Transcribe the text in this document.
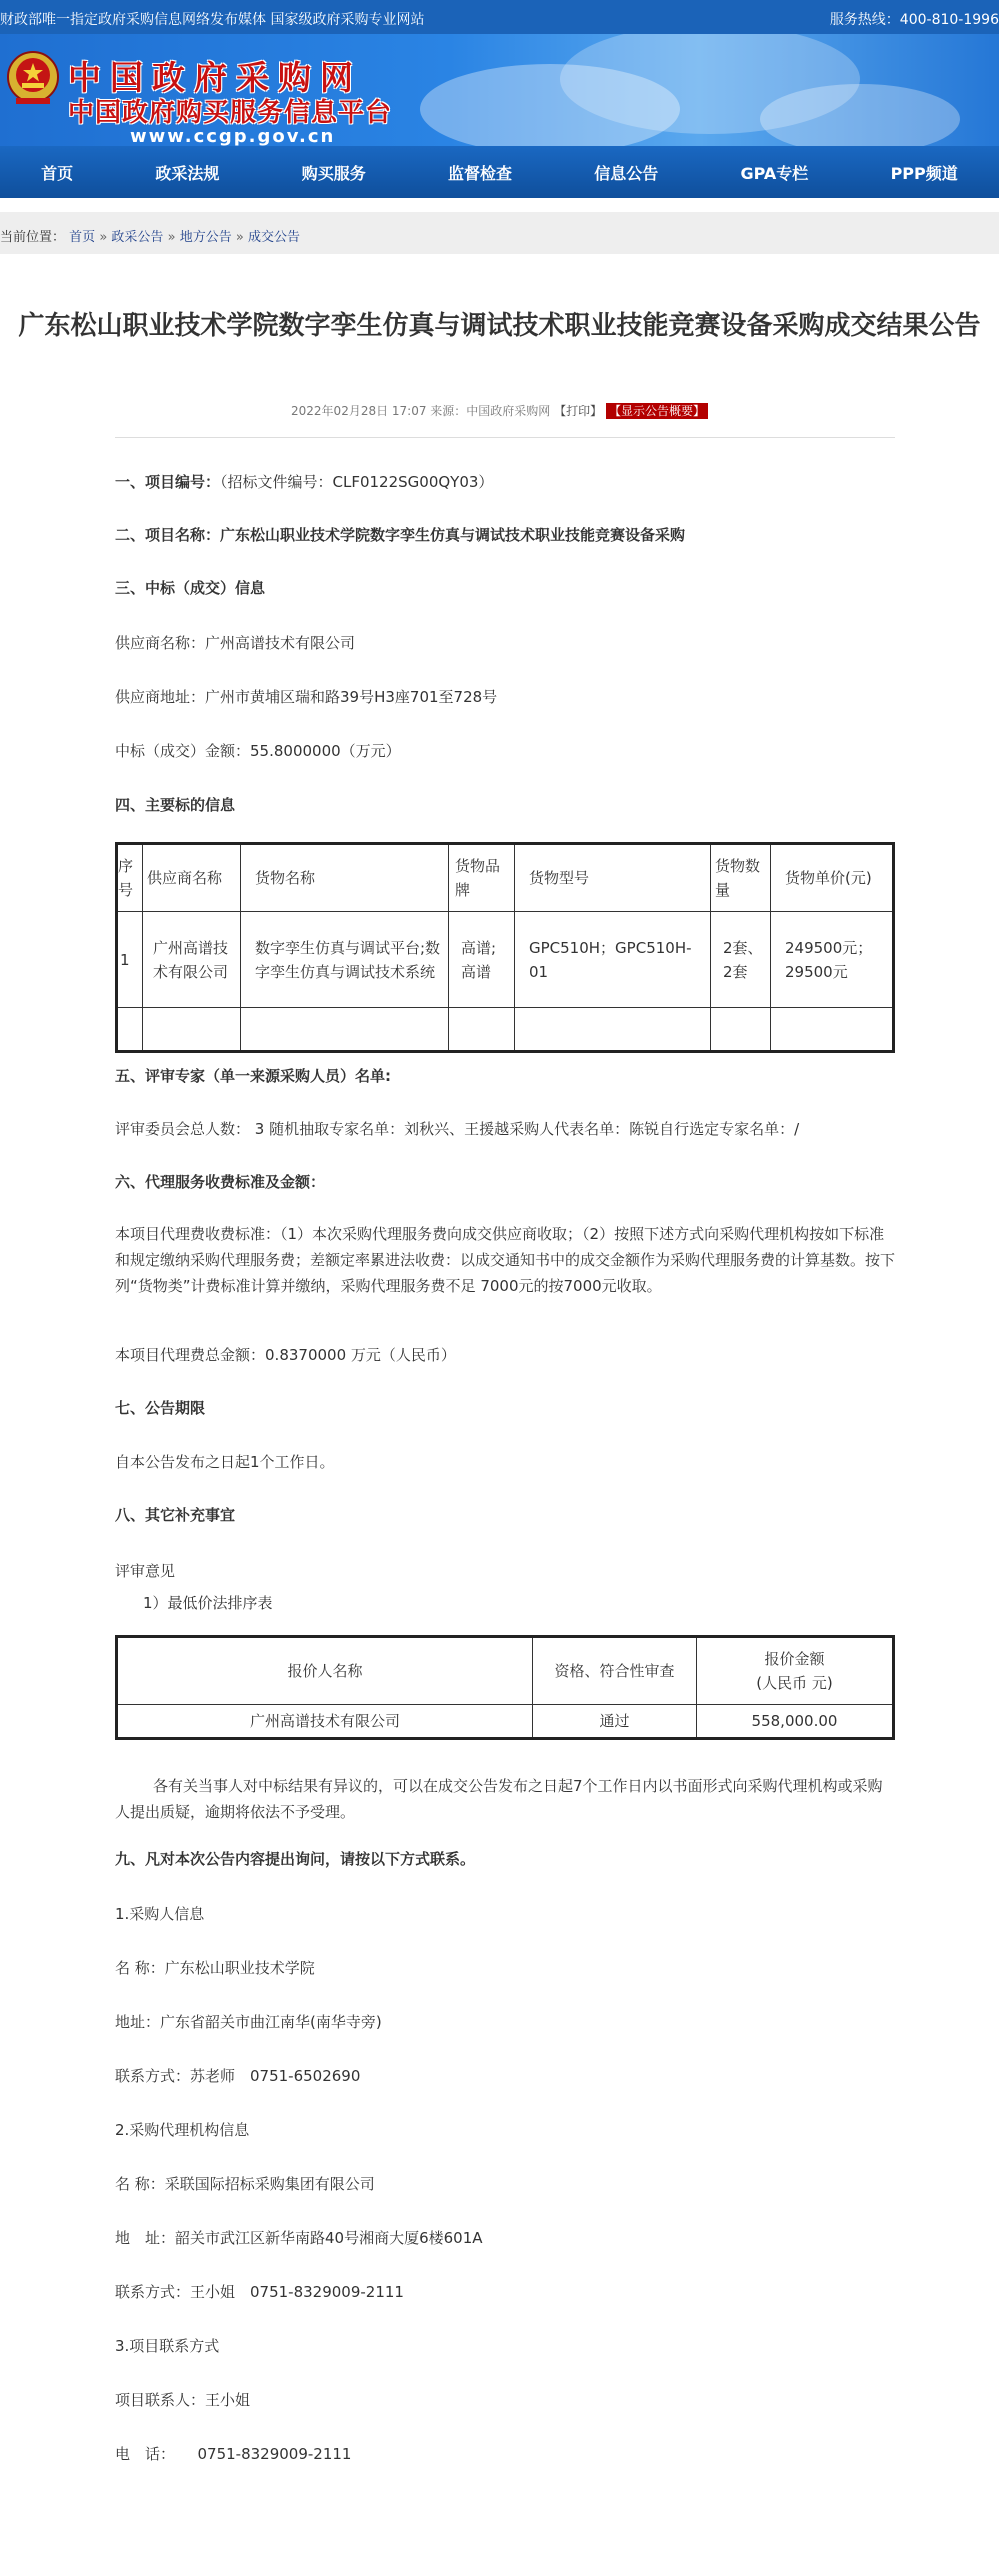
财政部唯一指定政府采购信息网络发布媒体 国家级政府采购专业网站	服务热线：400-810-1996
中国政府采购网
中国政府购买服务信息平台
www.ccgp.gov.cn
首页	政采法规	购买服务	监督检查	信息公告	GPA专栏	PPP频道
当前位置： 首页 » 政采公告 » 地方公告 » 成交公告
广东松山职业技术学院数字孪生仿真与调试技术职业技能竞赛设备采购成交结果公告
2022年02月28日 17:07 来源：中国政府采购网 【打印】 【显示公告概要】
一、项目编号：（招标文件编号：CLF0122SG00QY03）
二、项目名称：广东松山职业技术学院数字孪生仿真与调试技术职业技能竞赛设备采购
三、中标（成交）信息
供应商名称：广州高谱技术有限公司
供应商地址：广州市黄埔区瑞和路39号H3座701至728号
中标（成交）金额：55.8000000（万元）
四、主要标的信息
序号	供应商名称	货物名称	货物品牌	货物型号	货物数量	货物单价(元)
1	广州高谱技术有限公司	数字孪生仿真与调试平台;数字孪生仿真与调试技术系统	高谱;高谱	GPC510H；GPC510H-01	2套、2套	249500元；29500元

五、评审专家（单一来源采购人员）名单:
评审委员会总人数： 3 随机抽取专家名单：刘秋兴、王援越采购人代表名单：陈锐自行选定专家名单：/
六、代理服务收费标准及金额：
本项目代理费收费标准：（1）本次采购代理服务费向成交供应商收取；（2）按照下述方式向采购代理机构按如下标准和规定缴纳采购代理服务费；差额定率累进法收费：以成交通知书中的成交金额作为采购代理服务费的计算基数。按下列“货物类”计费标准计算并缴纳，采购代理服务费不足 7000元的按7000元收取。
本项目代理费总金额：0.8370000 万元（人民币）
七、公告期限
自本公告发布之日起1个工作日。
八、其它补充事宜
评审意见
1）最低价法排序表
报价人名称	资格、符合性审查	报价金额
(人民币 元)

广州高谱技术有限公司	通过	558,000.00
各有关当事人对中标结果有异议的，可以在成交公告发布之日起7个工作日内以书面形式向采购代理机构或采购人提出质疑，逾期将依法不予受理。
九、凡对本次公告内容提出询问，请按以下方式联系。
1.采购人信息
名 称：广东松山职业技术学院
地址：广东省韶关市曲江南华(南华寺旁)
联系方式：苏老师　0751-6502690
2.采购代理机构信息
名 称：采联国际招标采购集团有限公司
地　址：韶关市武江区新华南路40号湘商大厦6楼601A
联系方式：王小姐　0751-8329009-2111
3.项目联系方式
项目联系人：王小姐
电　话：　　0751-8329009-2111
